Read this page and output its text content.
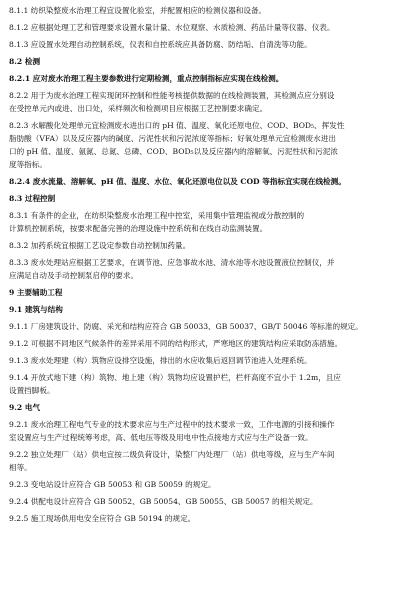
8.1.1 纺织染整废水治理工程宜设置化验室，并配置相应的检测仪器和设备。
8.1.2 应根据处理工艺和管理要求设置水量计量、水位观察、水质检测、药品计量等仪器、仪表。
8.1.3 应设置水处理自动控制系统，仪表和自控系统应具备防腐、防结垢、自清洗等功能。
8.2 检测
8.2.1 应对废水治理工程主要参数进行定期检测，重点控制指标应实现在线检测。
8.2.2 用于为废水治理工程实现闭环控制和性能考核提供数据的在线检测装置，其检测点应分别设
在受控单元内或进、出口处，采样频次和检测项目应根据工艺控制要求确定。
8.2.3 水解酸化处理单元宜检测废水进出口的 pH 值、温度、氧化还原电位、COD、BOD₅、挥发性
脂肪酸（VFA）以及反应器内的碱度、污泥性状和污泥浓度等指标；好氧处理单元宜检测废水进出
口的 pH 值、温度、氨氮、总氮、总磷、COD、BOD₅以及反应器内的溶解氧、污泥性状和污泥浓
度等指标。
8.2.4 废水流量、溶解氧、pH 值、温度、水位、氧化还原电位以及 COD 等指标宜实现在线检测。
8.3 过程控制
8.3.1 有条件的企业，在纺织染整废水治理工程中控室，采用集中管理监视或分散控制的
计算机控制系统，按要求配备完善的治理设施中控系统和在线自动监测装置。
8.3.2 加药系统宜根据工艺设定参数自动控制加药量。
8.3.3 废水处理站应根据工艺要求，在调节池、应急事故水池、清水池等水池设置液位控制仪，并
应满足自动及手动控制泵启停的要求。
9 主要辅助工程
9.1 建筑与结构
9.1.1 厂房建筑设计、防腐、采光和结构应符合 GB 50033、GB 50037、GB/T 50046 等标准的规定。
9.1.2 可根据不同地区气候条件的差异采用不同的结构形式，严寒地区的建筑结构应采取防冻措施。
9.1.3 废水处理建（构）筑物应设排空设施，排出的水应收集后返回调节池进入处理系统。
9.1.4 开放式地下建（构）筑物、地上建（构）筑物均应设置护栏，栏杆高度不宜小于 1.2m，且应
设置挡脚板。
9.2 电气
9.2.1 废水治理工程电气专业的技术要求应与生产过程中的技术要求一致，工作电源的引接和操作
室设置应与生产过程统筹考虑，高、低电压等级及用电中性点接地方式应与生产设备一致。
9.2.2 独立处理厂（站）供电宜按二级负荷设计，染整厂内处理厂（站）供电等级，应与生产车间
相等。
9.2.3 变电站设计应符合 GB 50053 和 GB 50059 的规定。
9.2.4 供配电设计应符合 GB 50052、GB 50054、GB 50055、GB 50057 的相关规定。
9.2.5 施工现场供用电安全应符合 GB 50194 的规定。
